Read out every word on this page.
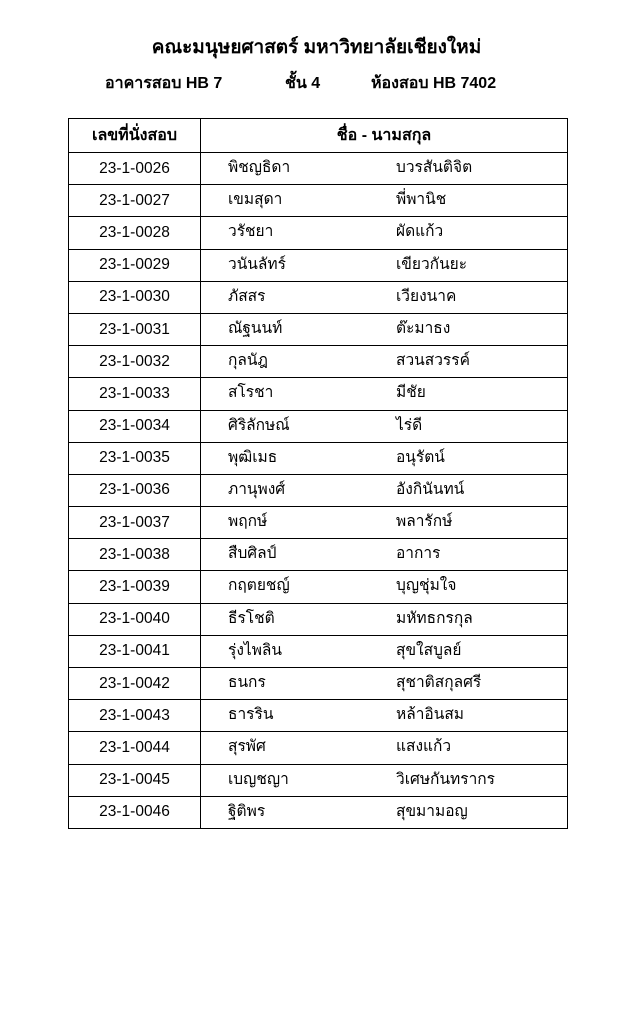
คณะมนุษยศาสตร์ มหาวิทยาลัยเชียงใหม่
อาคารสอบ HB 7	ชั้น 4	ห้องสอบ HB 7402
เลขที่นั่งสอบ	ชื่อ - นามสกุล
23-1-0026	พิชญธิดา บวรสันติจิต

23-1-0027	เขมสุดา พี่พานิช

23-1-0028	วรัชยา ผัดแก้ว

23-1-0029	วนันลัทร์ เขียวกันยะ

23-1-0030	ภัสสร เวียงนาค

23-1-0031	ณัฐนนท์ ต๊ะมาธง

23-1-0032	กุลนัฎ สวนสวรรค์

23-1-0033	สโรชา มีชัย

23-1-0034	ศิริลักษณ์ ไร่ดี

23-1-0035	พุฒิเมธ อนุรัตน์

23-1-0036	ภานุพงศ์ อังกินันทน์

23-1-0037	พฤกษ์ พลารักษ์

23-1-0038	สืบศิลป์ อาการ

23-1-0039	กฤตยชญ์ บุญชุ่มใจ

23-1-0040	ธีรโชติ มหัทธกรกุล

23-1-0041	รุ่งไพลิน สุขใสบูลย์

23-1-0042	ธนกร สุชาติสกุลศรี

23-1-0043	ธารริน หล้าอินสม

23-1-0044	สุรพัศ แสงแก้ว

23-1-0045	เบญชญา วิเศษกันทรากร

23-1-0046	ฐิติพร สุขมามอญ
